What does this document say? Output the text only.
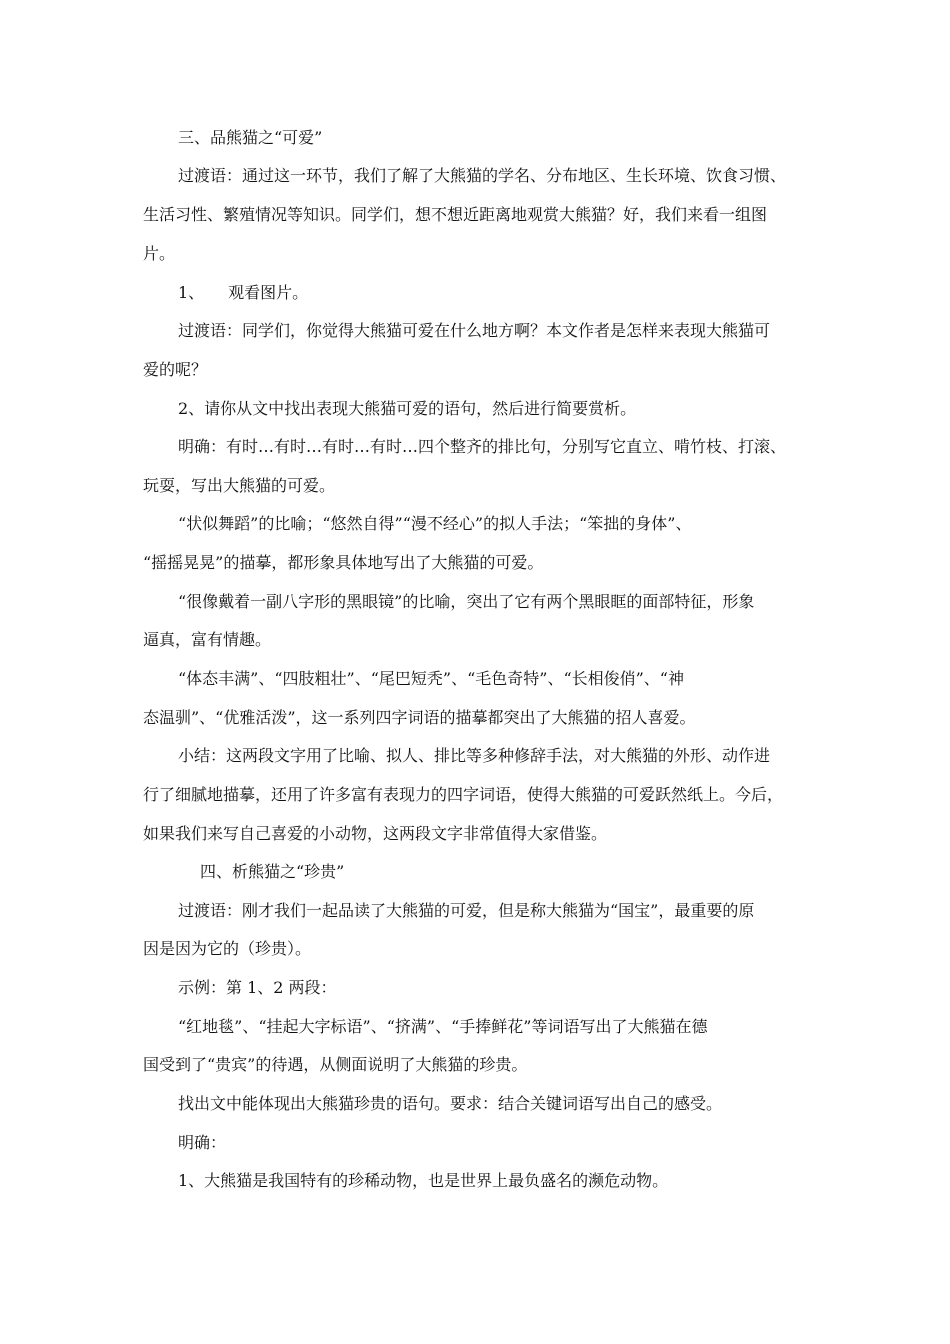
三、品熊猫之“可爱”
过渡语：通过这一环节，我们了解了大熊猫的学名、分布地区、生长环境、饮食习惯、
生活习性、繁殖情况等知识。同学们，想不想近距离地观赏大熊猫？好，我们来看一组图
片。
1、　　观看图片。
过渡语：同学们，你觉得大熊猫可爱在什么地方啊？本文作者是怎样来表现大熊猫可
爱的呢？
2、请你从文中找出表现大熊猫可爱的语句，然后进行简要赏析。
明确：有时…有时…有时…有时…四个整齐的排比句，分别写它直立、啃竹枝、打滚、
玩耍，写出大熊猫的可爱。
“状似舞蹈”的比喻；“悠然自得”“漫不经心”的拟人手法；“笨拙的身体”、
“摇摇晃晃”的描摹，都形象具体地写出了大熊猫的可爱。
“很像戴着一副八字形的黑眼镜”的比喻，突出了它有两个黑眼眶的面部特征，形象
逼真，富有情趣。
“体态丰满”、“四肢粗壮”、“尾巴短秃”、“毛色奇特”、“长相俊俏”、“神
态温驯”、“优雅活泼”，这一系列四字词语的描摹都突出了大熊猫的招人喜爱。
小结：这两段文字用了比喻、拟人、排比等多种修辞手法，对大熊猫的外形、动作进
行了细腻地描摹，还用了许多富有表现力的四字词语，使得大熊猫的可爱跃然纸上。今后，
如果我们来写自己喜爱的小动物，这两段文字非常值得大家借鉴。
四、析熊猫之“珍贵”
过渡语：刚才我们一起品读了大熊猫的可爱，但是称大熊猫为“国宝”，最重要的原
因是因为它的（珍贵）。
示例：第 1、2 两段：
“红地毯”、“挂起大字标语”、“挤满”、“手捧鲜花”等词语写出了大熊猫在德
国受到了“贵宾”的待遇，从侧面说明了大熊猫的珍贵。
找出文中能体现出大熊猫珍贵的语句。要求：结合关键词语写出自己的感受。
明确：
1、大熊猫是我国特有的珍稀动物，也是世界上最负盛名的濒危动物。
